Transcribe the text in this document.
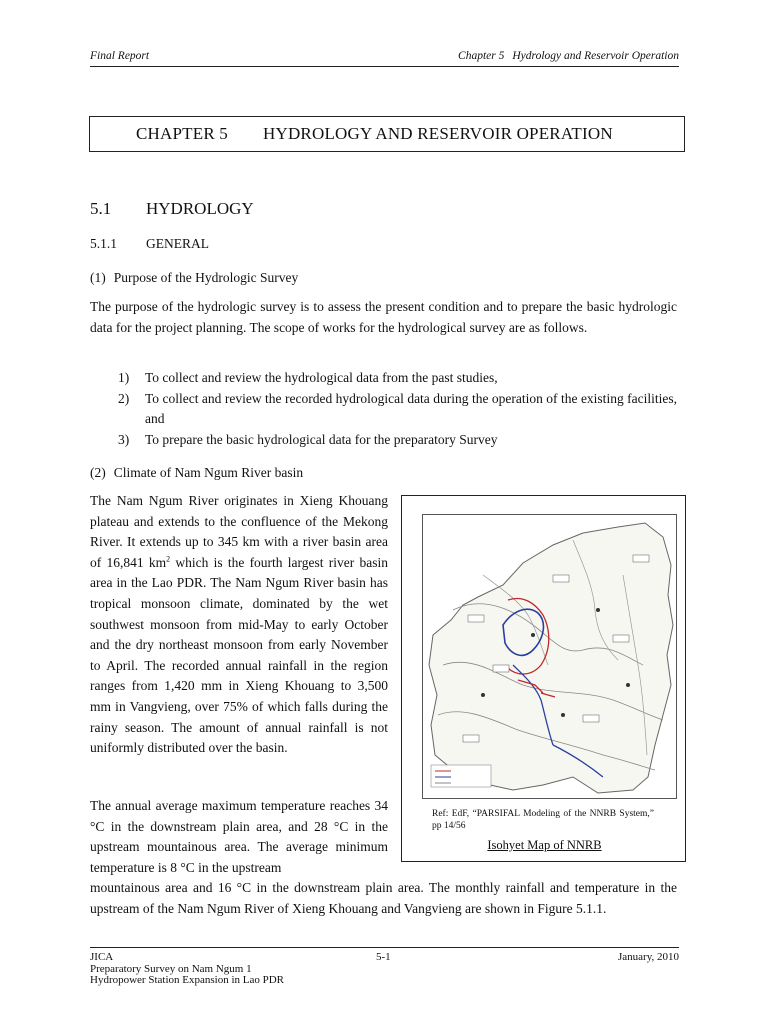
Final Report	Chapter 5 Hydrology and Reservoir Operation
CHAPTER 5 HYDROLOGY AND RESERVOIR OPERATION
5.1 HYDROLOGY
5.1.1 GENERAL
(1) Purpose of the Hydrologic Survey
The purpose of the hydrologic survey is to assess the present condition and to prepare the basic hydrologic data for the project planning. The scope of works for the hydrological survey are as follows.
1) To collect and review the hydrological data from the past studies,
2) To collect and review the recorded hydrological data during the operation of the existing facilities, and
3) To prepare the basic hydrological data for the preparatory Survey
(2) Climate of Nam Ngum River basin
The Nam Ngum River originates in Xieng Khouang plateau and extends to the confluence of the Mekong River. It extends up to 345 km with a river basin area of 16,841 $km^2$ which is the fourth largest river basin area in the Lao PDR. The Nam Ngum River basin has tropical monsoon climate, dominated by the wet southwest monsoon from mid-May to early October and the dry northeast monsoon from early November to April. The recorded annual rainfall in the region ranges from 1,420 mm in Xieng Khouang to 3,500 mm in Vangvieng, over 75% of which falls during the rainy season. The amount of annual rainfall is not uniformly distributed over the basin.
The annual average maximum temperature reaches 34 °C in the downstream plain area, and 28 °C in the upstream mountainous area. The average minimum temperature is 8 °C in the upstream
mountainous area and 16 °C in the downstream plain area. The monthly rainfall and temperature in the upstream of the Nam Ngum River of Xieng Khouang and Vangvieng are shown in Figure 5.1.1.
Ref: EdF, “PARSIFAL Modeling of the NNRB System,” pp 14/56
Isohyet Map of NNRB
JICA
Preparatory Survey on Nam Ngum 1
Hydropower Station Expansion in Lao PDR
5-1	January, 2010
